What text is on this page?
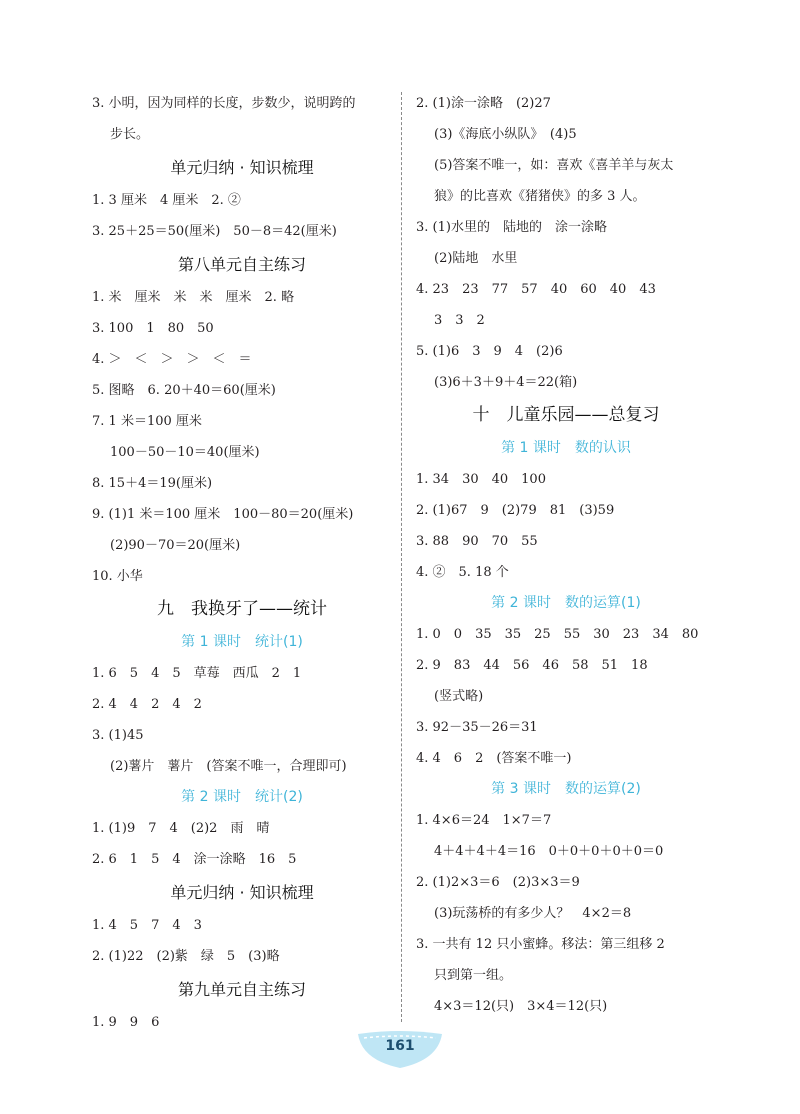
3. 小明，因为同样的长度，步数少，说明跨的
步长。
单元归纳 · 知识梳理
1. 3 厘米　4 厘米　2. ②
3. 25＋25＝50(厘米)　50－8＝42(厘米)
第八单元自主练习
1. 米　厘米　米　米　厘米　2. 略
3. 100　1　80　50
4. ＞　＜　＞　＞　＜　＝
5. 图略　6. 20＋40＝60(厘米)
7. 1 米＝100 厘米
100－50－10＝40(厘米)
8. 15＋4＝19(厘米)
9. (1)1 米＝100 厘米　100－80＝20(厘米)
(2)90－70＝20(厘米)
10. 小华
九　我换牙了——统计
第 1 课时　统计(1)
1. 6　5　4　5　草莓　西瓜　2　1
2. 4　4　2　4　2
3. (1)45
(2)薯片　薯片　(答案不唯一，合理即可)
第 2 课时　统计(2)
1. (1)9　7　4　(2)2　雨　晴
2. 6　1　5　4　涂一涂略　16　5
单元归纳 · 知识梳理
1. 4　5　7　4　3
2. (1)22　(2)紫　绿　5　(3)略
第九单元自主练习
1. 9　9　6
2. (1)涂一涂略　(2)27
(3)《海底小纵队》　(4)5
(5)答案不唯一，如：喜欢《喜羊羊与灰太
狼》的比喜欢《猪猪侠》的多 3 人。
3. (1)水里的　陆地的　涂一涂略
(2)陆地　水里
4. 23　23　77　57　40　60　40　43
3　3　2
5. (1)6　3　9　4　(2)6
(3)6＋3＋9＋4＝22(箱)
十　儿童乐园——总复习
第 1 课时　数的认识
1. 34　30　40　100
2. (1)67　9　(2)79　81　(3)59
3. 88　90　70　55
4. ②　5. 18 个
第 2 课时　数的运算(1)
1. 0　0　35　35　25　55　30　23　34　80
2. 9　83　44　56　46　58　51　18
(竖式略)
3. 92－35－26＝31
4. 4　6　2　(答案不唯一)
第 3 课时　数的运算(2)
1. 4×6＝24　1×7＝7
4＋4＋4＋4＝16　0＋0＋0＋0＋0＝0
2. (1)2×3＝6　(2)3×3＝9
(3)玩荡桥的有多少人？　4×2＝8
3. 一共有 12 只小蜜蜂。移法：第三组移 2
只到第一组。
4×3＝12(只)　3×4＝12(只)
161
